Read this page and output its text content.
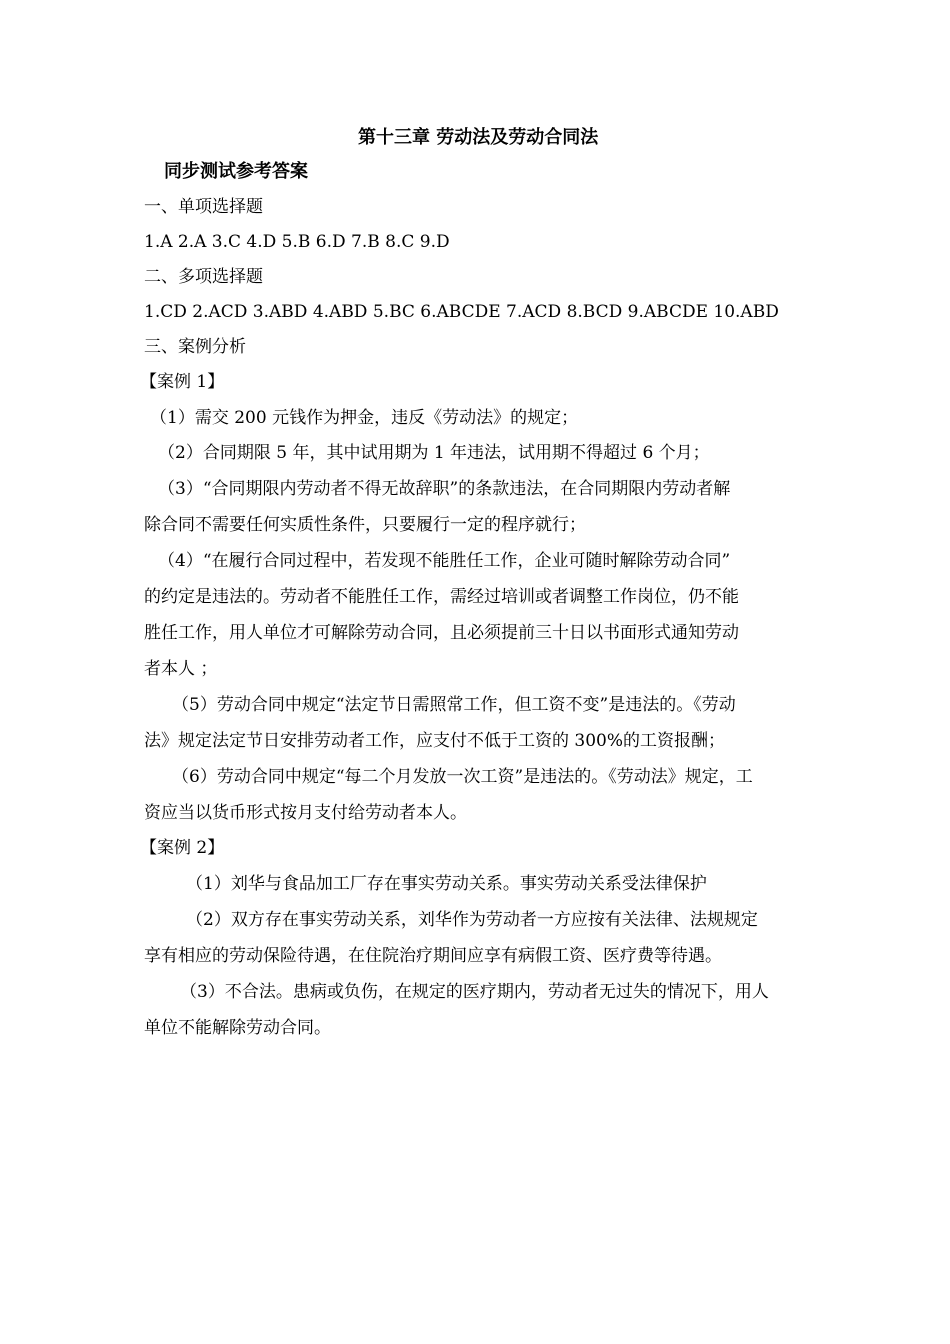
第十三章 劳动法及劳动合同法
同步测试参考答案
一、单项选择题
1.A 2.A 3.C 4.D 5.B 6.D 7.B 8.C 9.D
二、多项选择题
1.CD 2.ACD 3.ABD 4.ABD 5.BC 6.ABCDE 7.ACD 8.BCD 9.ABCDE 10.ABD
三、案例分析
【案例 1】
（1）需交 200 元钱作为押金，违反《劳动法》的规定；
（2）合同期限 5 年，其中试用期为 1 年违法，试用期不得超过 6 个月；
（3）“合同期限内劳动者不得无故辞职”的条款违法，在合同期限内劳动者解
除合同不需要任何实质性条件，只要履行一定的程序就行；
（4）“在履行合同过程中，若发现不能胜任工作，企业可随时解除劳动合同”
的约定是违法的。劳动者不能胜任工作，需经过培训或者调整工作岗位，仍不能
胜任工作，用人单位才可解除劳动合同，且必须提前三十日以书面形式通知劳动
者本人 ；
（5）劳动合同中规定“法定节日需照常工作，但工资不变”是违法的。《劳动
法》规定法定节日安排劳动者工作，应支付不低于工资的 300%的工资报酬；
（6）劳动合同中规定“每二个月发放一次工资”是违法的。《劳动法》规定，工
资应当以货币形式按月支付给劳动者本人。
【案例 2】
（1）刘华与食品加工厂存在事实劳动关系。事实劳动关系受法律保护
（2）双方存在事实劳动关系，刘华作为劳动者一方应按有关法律、法规规定
享有相应的劳动保险待遇，在住院治疗期间应享有病假工资、医疗费等待遇。
（3）不合法。患病或负伤，在规定的医疗期内，劳动者无过失的情况下，用人
单位不能解除劳动合同。
